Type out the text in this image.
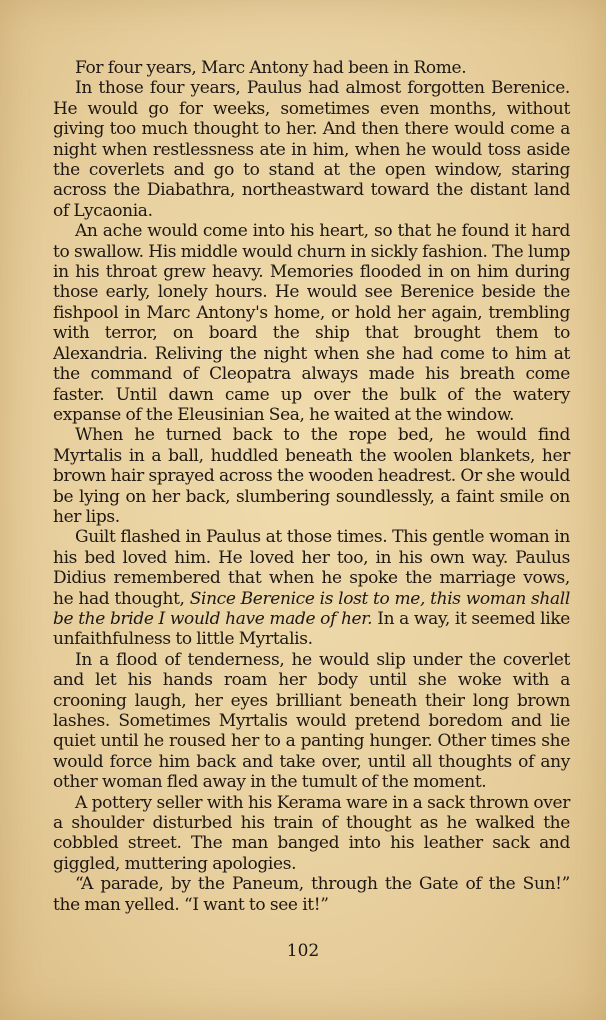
For four years, Marc Antony had been in Rome.

In those four years, Paulus had almost forgotten Berenice. He would go for weeks, sometimes even months, without giving too much thought to her. And then there would come a night when restlessness ate in him, when he would toss aside the coverlets and go to stand at the open window, staring across the Diabathra, northeastward toward the distant land of Lycaonia.

An ache would come into his heart, so that he found it hard to swallow. His middle would churn in sickly fashion. The lump in his throat grew heavy. Memories flooded in on him during those early, lonely hours. He would see Berenice beside the fishpool in Marc Antony's home, or hold her again, trembling with terror, on board the ship that brought them to Alexandria. Reliving the night when she had come to him at the command of Cleopatra always made his breath come faster. Until dawn came up over the bulk of the watery expanse of the Eleusinian Sea, he waited at the window.

When he turned back to the rope bed, he would find Myrtalis in a ball, huddled beneath the woolen blankets, her brown hair sprayed across the wooden headrest. Or she would be lying on her back, slumbering soundlessly, a faint smile on her lips.

Guilt flashed in Paulus at those times. This gentle woman in his bed loved him. He loved her too, in his own way. Paulus Didius remembered that when he spoke the marriage vows, he had thought, Since Berenice is lost to me, this woman shall be the bride I would have made of her. In a way, it seemed like unfaithfulness to little Myrtalis.

In a flood of tenderness, he would slip under the coverlet and let his hands roam her body until she woke with a crooning laugh, her eyes brilliant beneath their long brown lashes. Sometimes Myrtalis would pretend boredom and lie quiet until he roused her to a panting hunger. Other times she would force him back and take over, until all thoughts of any other woman fled away in the tumult of the moment.

A pottery seller with his Kerama ware in a sack thrown over a shoulder disturbed his train of thought as he walked the cobbled street. The man banged into his leather sack and giggled, muttering apologies.

“A parade, by the Paneum, through the Gate of the Sun!” the man yelled. “I want to see it!”

102
